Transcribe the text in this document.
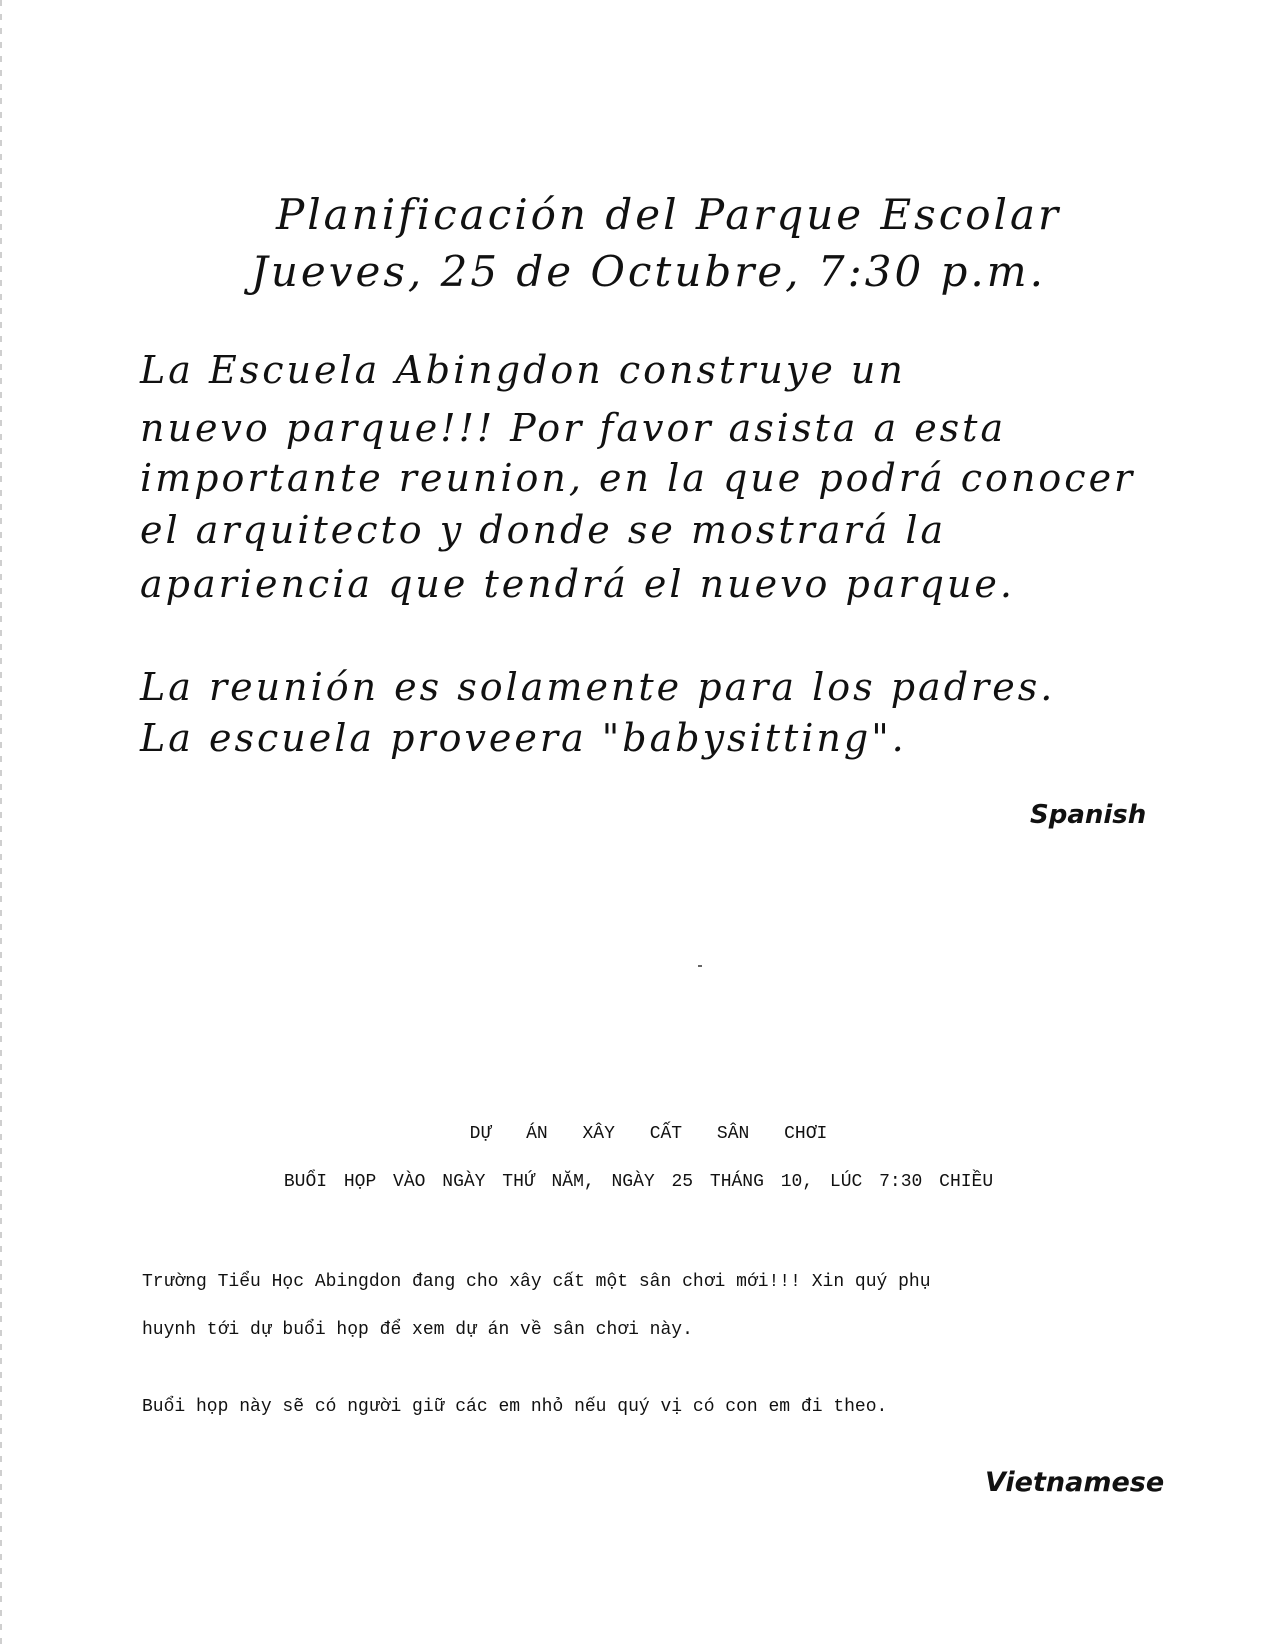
Planificación del Parque Escolar
Jueves, 25 de Octubre, 7:30 p.m.
La Escuela Abingdon construye un
nuevo parque!!! Por favor asista a esta
importante reunion, en la que podrá conocer
el arquitecto y donde se mostrará la
apariencia que tendrá el nuevo parque.
La reunión es solamente para los padres.
La escuela proveera "babysitting".
Spanish
DỰ ÁN XÂY CẤT SÂN CHƠI
BUỔI HỌP VÀO NGÀY THỨ NĂM, NGÀY 25 THÁNG 10, LÚC 7:30 CHIỀU
Trường Tiểu Học Abingdon đang cho xây cất một sân chơi mới!!! Xin quý phụ
huynh tới dự buổi họp để xem dự án về sân chơi này.
Buổi họp này sẽ có người giữ các em nhỏ nếu quý vị có con em đi theo.
Vietnamese
